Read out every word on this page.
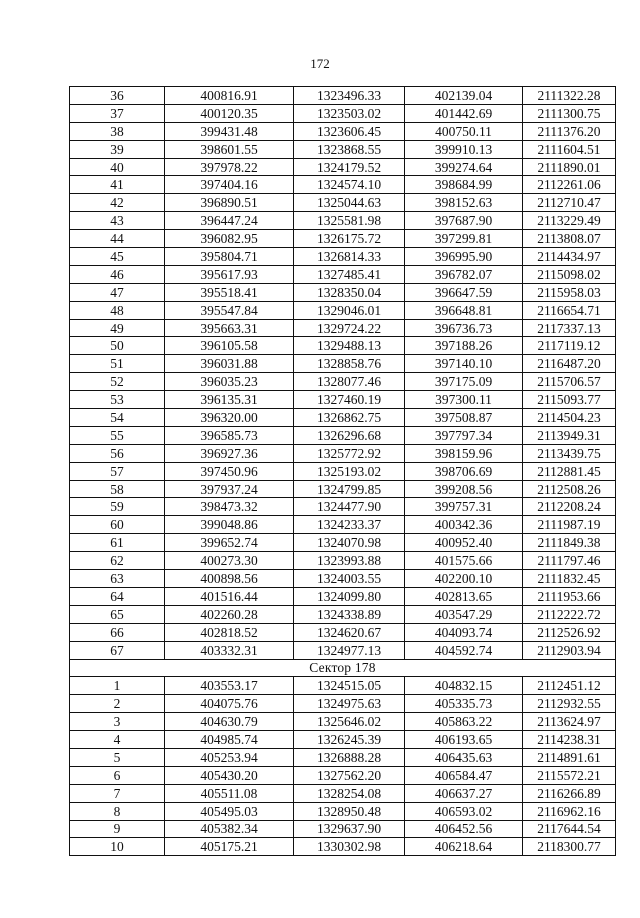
172
36	400816.91	1323496.33	402139.04	2111322.28
37	400120.35	1323503.02	401442.69	2111300.75
38	399431.48	1323606.45	400750.11	2111376.20
39	398601.55	1323868.55	399910.13	2111604.51
40	397978.22	1324179.52	399274.64	2111890.01
41	397404.16	1324574.10	398684.99	2112261.06
42	396890.51	1325044.63	398152.63	2112710.47
43	396447.24	1325581.98	397687.90	2113229.49
44	396082.95	1326175.72	397299.81	2113808.07
45	395804.71	1326814.33	396995.90	2114434.97
46	395617.93	1327485.41	396782.07	2115098.02
47	395518.41	1328350.04	396647.59	2115958.03
48	395547.84	1329046.01	396648.81	2116654.71
49	395663.31	1329724.22	396736.73	2117337.13
50	396105.58	1329488.13	397188.26	2117119.12
51	396031.88	1328858.76	397140.10	2116487.20
52	396035.23	1328077.46	397175.09	2115706.57
53	396135.31	1327460.19	397300.11	2115093.77
54	396320.00	1326862.75	397508.87	2114504.23
55	396585.73	1326296.68	397797.34	2113949.31
56	396927.36	1325772.92	398159.96	2113439.75
57	397450.96	1325193.02	398706.69	2112881.45
58	397937.24	1324799.85	399208.56	2112508.26
59	398473.32	1324477.90	399757.31	2112208.24
60	399048.86	1324233.37	400342.36	2111987.19
61	399652.74	1324070.98	400952.40	2111849.38
62	400273.30	1323993.88	401575.66	2111797.46
63	400898.56	1324003.55	402200.10	2111832.45
64	401516.44	1324099.80	402813.65	2111953.66
65	402260.28	1324338.89	403547.29	2112222.72
66	402818.52	1324620.67	404093.74	2112526.92
67	403332.31	1324977.13	404592.74	2112903.94
Сектор 178				
1	403553.17	1324515.05	404832.15	2112451.12
2	404075.76	1324975.63	405335.73	2112932.55
3	404630.79	1325646.02	405863.22	2113624.97
4	404985.74	1326245.39	406193.65	2114238.31
5	405253.94	1326888.28	406435.63	2114891.61
6	405430.20	1327562.20	406584.47	2115572.21
7	405511.08	1328254.08	406637.27	2116266.89
8	405495.03	1328950.48	406593.02	2116962.16
9	405382.34	1329637.90	406452.56	2117644.54
10	405175.21	1330302.98	406218.64	2118300.77
